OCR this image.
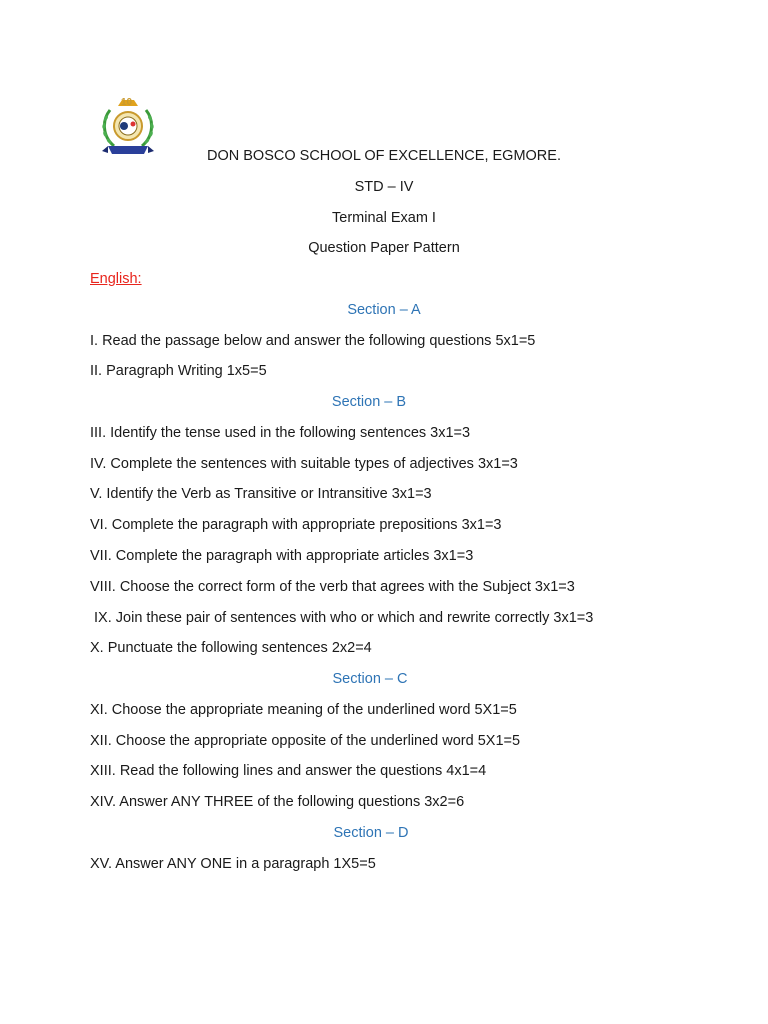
10
DON BOSCO SCHOOL OF EXCELLENCE, EGMORE.
STD – IV
Terminal Exam I
Question Paper Pattern
English:
Section – A
I. Read the passage below and answer the following questions 5x1=5
II. Paragraph Writing 1x5=5
Section – B
III. Identify the tense used in the following sentences 3x1=3
IV. Complete the sentences with suitable types of adjectives 3x1=3
V. Identify the Verb as Transitive or Intransitive 3x1=3
VI. Complete the paragraph with appropriate prepositions 3x1=3
VII. Complete the paragraph with appropriate articles 3x1=3
VIII. Choose the correct form of the verb that agrees with the Subject 3x1=3
IX. Join these pair of sentences with who or which and rewrite correctly 3x1=3
X. Punctuate the following sentences 2x2=4
Section – C
XI. Choose the appropriate meaning of the underlined word 5X1=5
XII. Choose the appropriate opposite of the underlined word 5X1=5
XIII. Read the following lines and answer the questions 4x1=4
XIV. Answer ANY THREE of the following questions 3x2=6
Section – D
XV. Answer ANY ONE in a paragraph 1X5=5
